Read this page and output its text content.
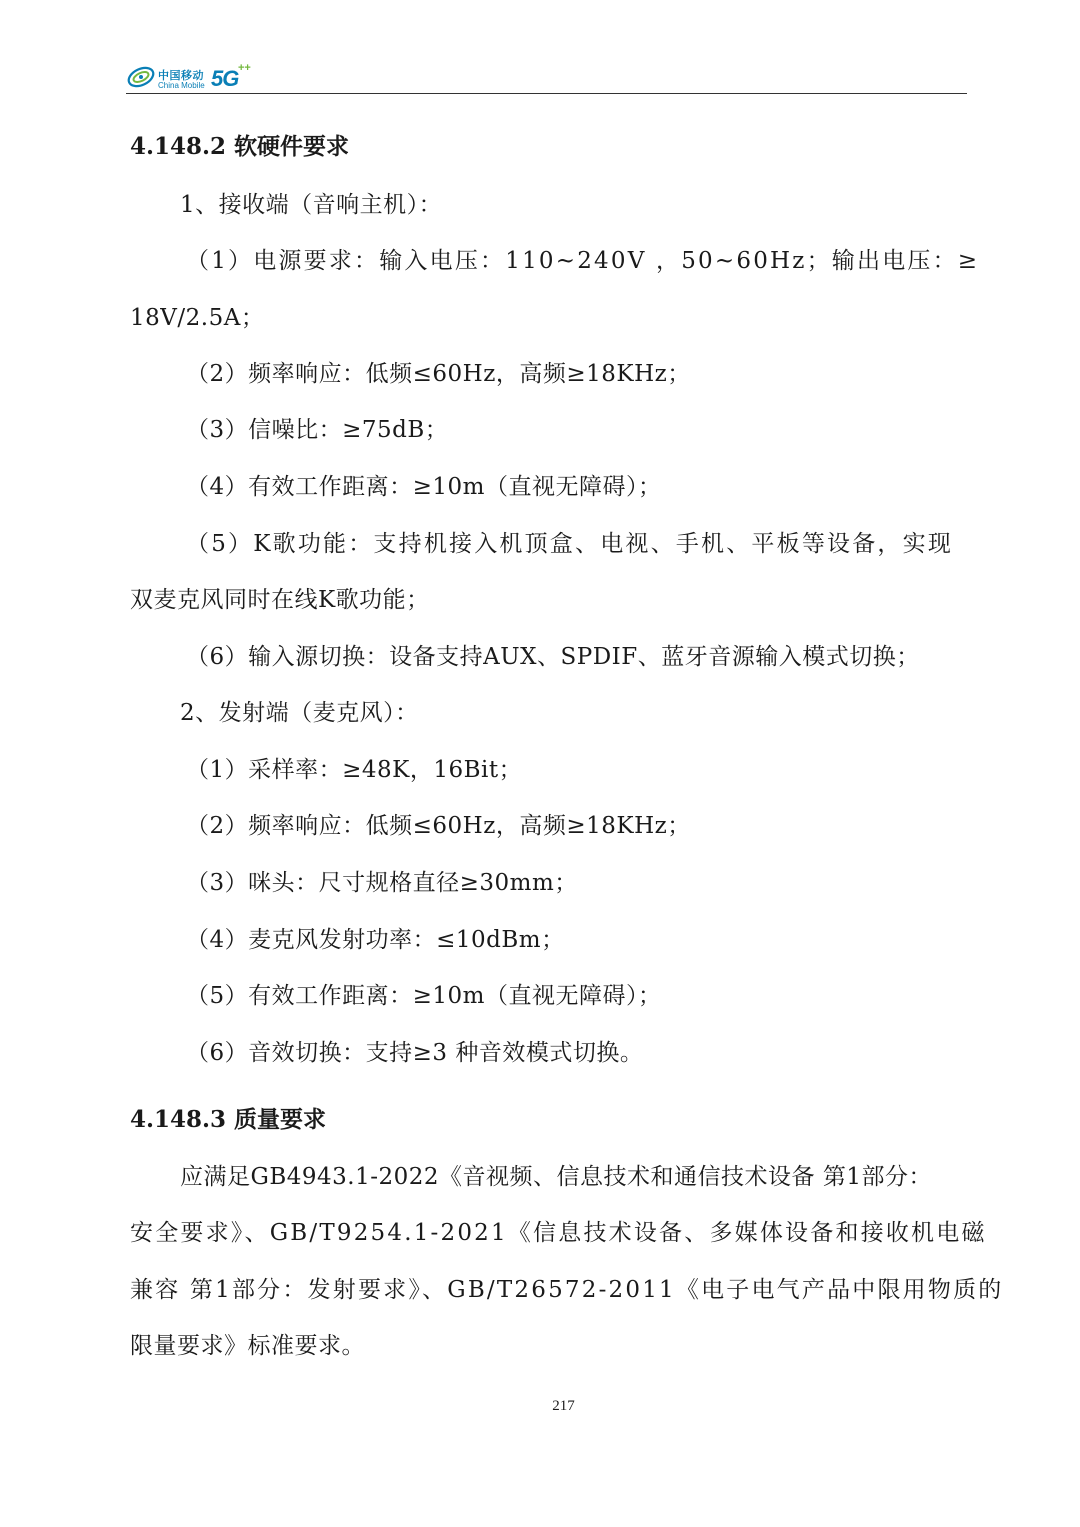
中国移动
China Mobile 5G ++
4.148.2 软硬件要求
1、接收端（音响主机）：
（1）电源要求：输入电压：110~240V ，50~60Hz；输出电压：≥
18V/2.5A；
（2）频率响应：低频≤60Hz，高频≥18KHz；
（3）信噪比：≥75dB；
（4）有效工作距离：≥10m（直视无障碍）；
（5）K歌功能：支持机接入机顶盒、电视、手机、平板等设备，实现
双麦克风同时在线K歌功能；
（6）输入源切换：设备支持AUX、SPDIF、蓝牙音源输入模式切换；
2、发射端（麦克风）：
（1）采样率：≥48K，16Bit；
（2）频率响应：低频≤60Hz，高频≥18KHz；
（3）咪头：尺寸规格直径≥30mm；
（4）麦克风发射功率：≤10dBm；
（5）有效工作距离：≥10m（直视无障碍）；
（6）音效切换：支持≥3 种音效模式切换。
4.148.3 质量要求
应满足GB4943.1-2022《音视频、信息技术和通信技术设备 第1部分：
安全要求》、GB/T9254.1-2021《信息技术设备、多媒体设备和接收机电磁
兼容 第1部分：发射要求》、GB/T26572-2011《电子电气产品中限用物质的
限量要求》标准要求。
217
